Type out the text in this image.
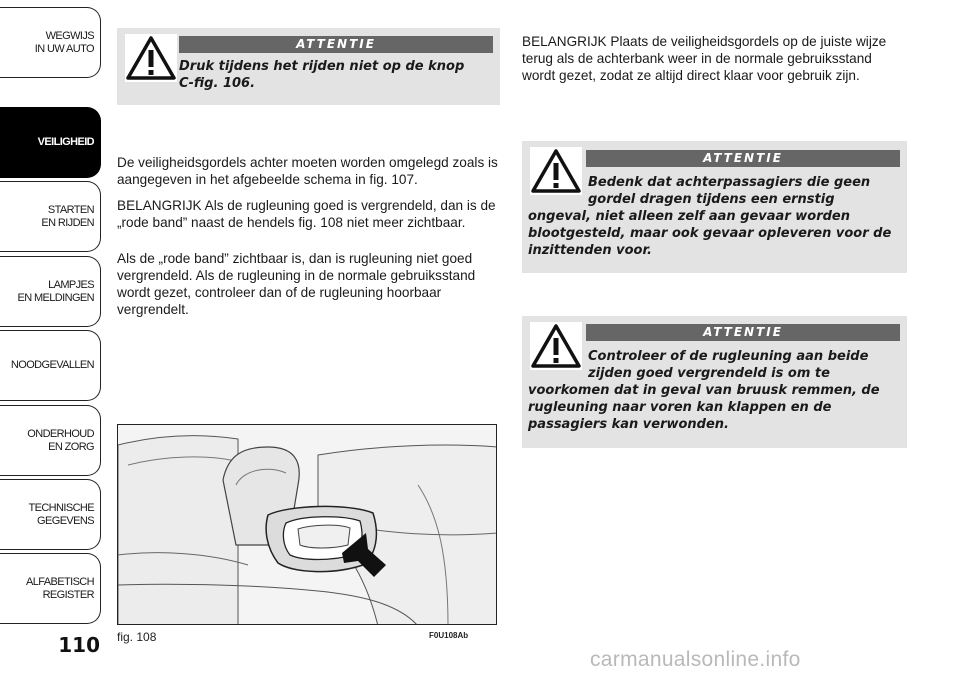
WEGWIJS
IN UW AUTO
VEILIGHEID
STARTEN
EN RIJDEN
LAMPJES
EN MELDINGEN
NOODGEVALLEN
ONDERHOUD
EN ZORG
TECHNISCHE
GEGEVENS
ALFABETISCH
REGISTER
110
ATTENTIE
Druk tijdens het rijden niet op de knop
C-fig. 106.

De veiligheidsgordels achter moeten worden omgelegd zoals is aangegeven in het afgebeelde schema in fig. 107.

BELANGRIJK Als de rugleuning goed is vergrendeld, dan is de „rode band” naast de hendels fig. 108 niet meer zichtbaar.

Als de „rode band” zichtbaar is, dan is rugleuning niet goed vergrendeld. Als de rugleuning in de normale gebruiksstand wordt gezet, controleer dan of de rugleuning hoorbaar vergrendelt.

BELANGRIJK Plaats de veiligheidsgordels op de juiste wijze terug als de achterbank weer in de normale gebruiksstand wordt gezet, zodat ze altijd direct klaar voor gebruik zijn.

ATTENTIE
Bedenk dat achterpassagiers die geen
gordel dragen tijdens een ernstig
ongeval, niet alleen zelf aan gevaar worden blootgesteld, maar ook gevaar opleveren voor de inzittenden voor.
ATTENTIE
Controleer of de rugleuning aan beide
zijden goed vergrendeld is om te
voorkomen dat in geval van bruusk remmen, de rugleuning naar voren kan klappen en de passagiers kan verwonden.
fig. 108	F0U108Ab
carmanualsonline.info
